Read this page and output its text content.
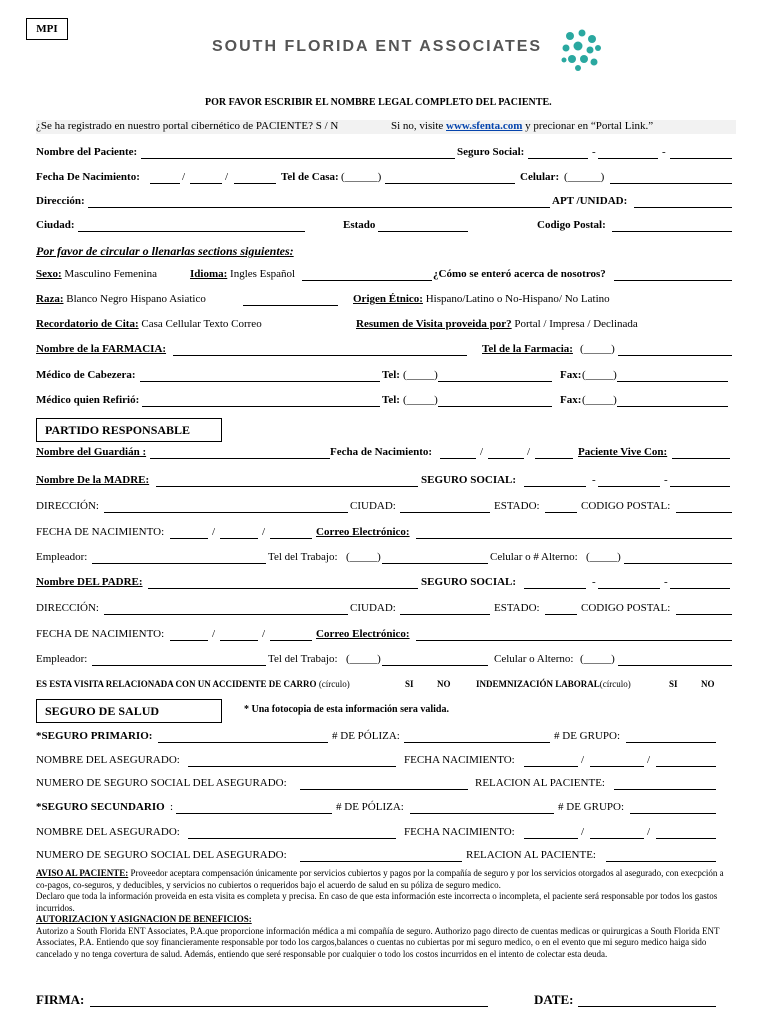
MPI
SOUTH FLORIDA ENT ASSOCIATES
POR FAVOR ESCRIBIR EL NOMBRE LEGAL COMPLETO DEL PACIENTE.
¿Se ha registrado en nuestro portal cibernético de PACIENTE? S / N	Si no, visite www.sfenta.com y precionar en “Portal Link.”
Nombre del Paciente:	Seguro Social:	-	-
Fecha De Nacimiento:	/	/	Tel de Casa: (______)	Celular: (______)
Dirección:	APT /UNIDAD:
Ciudad:	Estado	Codigo Postal:
Por favor de circular o llenarlas sections siguientes:
Sexo: Masculino Femenina	Idioma: Ingles Español	¿Cómo se enteró acerca de nosotros?
Raza: Blanco Negro Hispano Asiatico	Origen Étnico: Hispano/Latino o No-Hispano/ No Latino
Recordatorio de Cita: Casa Cellular Texto Correo	Resumen de Visita proveida por? Portal / Impresa / Declinada
Nombre de la FARMACIA:	Tel de la Farmacia: (_____)
Médico de Cabezera:	Tel: (_____)	Fax: (_____)
Médico quien Refirió:	Tel: (_____)	Fax: (_____)
PARTIDO RESPONSABLE
Nombre del Guardián :	Fecha de Nacimiento:	/	/	Paciente Vive Con:
Nombre De la MADRE:	SEGURO SOCIAL:	-	-
DIRECCIÓN:	CIUDAD:	ESTADO:	CODIGO POSTAL:
FECHA DE NACIMIENTO:	/	/	Correo Electrónico:
Empleador:	Tel del Trabajo: (_____)	Celular o # Alterno: (_____)
Nombre DEL PADRE:	SEGURO SOCIAL:	-	-
DIRECCIÓN:	CIUDAD:	ESTADO:	CODIGO POSTAL:
FECHA DE NACIMIENTO:	/	/	Correo Electrónico:
Empleador:	Tel del Trabajo: (_____)	Celular o Alterno: (_____)
ES ESTA VISITA RELACIONADA CON UN ACCIDENTE DE CARRO (círculo)	SI	NO	INDEMNIZACIÓN LABORAL(círculo)	SI	NO
SEGURO DE SALUD	* Una fotocopia de esta información sera valida.
*SEGURO PRIMARIO:	# DE PÓLIZA:	# DE GRUPO:
NOMBRE DEL ASEGURADO:	FECHA NACIMIENTO:	/	/
NUMERO DE SEGURO SOCIAL DEL ASEGURADO:	RELACION AL PACIENTE:
*SEGURO SECUNDARIO :	# DE PÓLIZA:	# DE GRUPO:
NOMBRE DEL ASEGURADO:	FECHA NACIMIENTO:	/	/
NUMERO DE SEGURO SOCIAL DEL ASEGURADO:	RELACION AL PACIENTE:
AVISO AL PACIENTE: Proveedor aceptara compensación únicamente por servicios cubiertos y pagos por la compañía de seguro y por los servicios otorgados al asegurado, con execpción a co-pagos, co-seguros, y deducibles, y servicios no cubiertos o requeridos bajo el acuerdo de salud en su póliza de seguro medico.
Declaro que toda la información proveida en esta visita es completa y precisa. En caso de que esta información este incorrecta o incompleta, el paciente será responsable por todos los gastos incurridos.
AUTORIZACION Y ASIGNACION DE BENEFICIOS:
Autorizo a South Florida ENT Associates, P.A.que proporcione información médica a mi compañía de seguro. Authorizo pago directo de cuentas medicas or quirurgicas a South Florida ENT Associates, P.A. Entiendo que soy financieramente responsable por todo los cargos,balances o cuentas no cubiertas por mi seguro medico, o en el evento que mi seguro medico haiga sido cancelado y no tenga covertura de salud. Además, entiendo que seré responsable por cualquier o todo los costos incurridos en el intento de colectar esta deuda.
FIRMA:	DATE:
